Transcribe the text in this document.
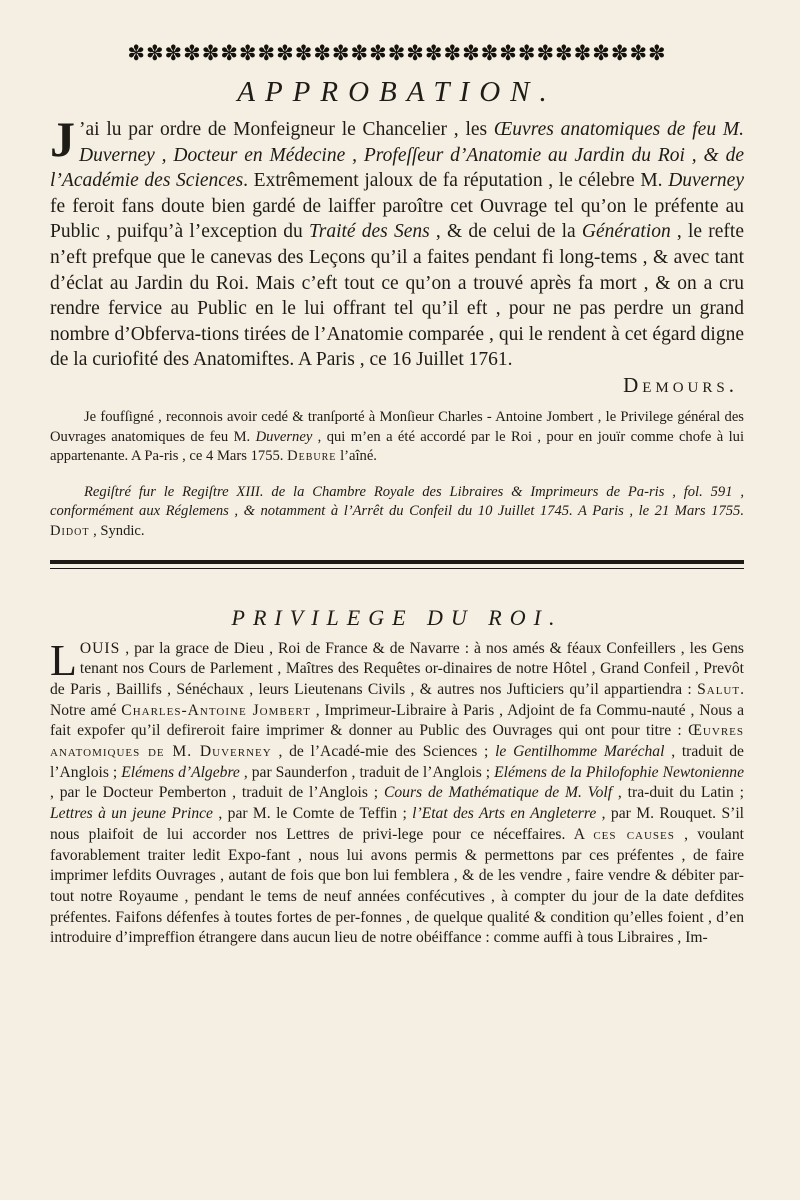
✽✽✽✽✽✽✽✽✽✽✽✽✽✽✽✽✽✽✽✽✽✽✽✽✽✽✽✽✽
APPROBATION.

J ’ai lu par ordre de Monfeigneur le Chancelier , les Œuvres anatomiques de feu M. Duverney , Docteur en Médecine , Profeſſeur d’Anatomie au Jardin du Roi , & de l’Académie des Sciences. Extrêmement jaloux de fa réputation , le célebre M. Duverney fe feroit fans doute bien gardé de laiffer paroître cet Ouvrage tel qu’on le préfente au Public , puifqu’à l’exception du Traité des Sens , & de celui de la Génération , le refte n’eft prefque que le canevas des Leçons qu’il a faites pendant fi long-tems , & avec tant d’éclat au Jardin du Roi. Mais c’eft tout ce qu’on a trouvé après fa mort , & on a cru rendre fervice au Public en le lui offrant tel qu’il eft , pour ne pas perdre un grand nombre d’Obferva-tions tirées de l’Anatomie comparée , qui le rendent à cet égard digne de la curiofité des Anatomiftes. A Paris , ce 16 Juillet 1761.

Demours.

Je foufſigné , reconnois avoir cedé & tranſporté à Monſieur Charles - Antoine Jombert , le Privilege général des Ouvrages anatomiques de feu M. Duverney , qui m’en a été accordé par le Roi , pour en jouïr comme chofe à lui appartenante. A Pa-ris , ce 4 Mars 1755. Debure l’aîné.

Regiſtré fur le Regiſtre XIII. de la Chambre Royale des Libraires & Imprimeurs de Pa-ris , fol. 591 , conformément aux Réglemens , & notamment à l’Arrêt du Confeil du 10 Juillet 1745. A Paris , le 21 Mars 1755. Didot , Syndic.

PRIVILEGE DU ROI.

LOUIS , par la grace de Dieu , Roi de France & de Navarre : à nos amés & féaux Confeillers , les Gens tenant nos Cours de Parlement , Maîtres des Requêtes or-dinaires de notre Hôtel , Grand Confeil , Prevôt de Paris , Baillifs , Sénéchaux , leurs Lieutenans Civils , & autres nos Jufticiers qu’il appartiendra : Salut. Notre amé Charles-Antoine Jombert , Imprimeur-Libraire à Paris , Adjoint de fa Commu-nauté , Nous a fait expofer qu’il defireroit faire imprimer & donner au Public des Ouvrages qui ont pour titre : Œuvres anatomiques de M. Duverney , de l’Acadé-mie des Sciences ; le Gentilhomme Maréchal , traduit de l’Anglois ; Elémens d’Algebre , par Saunderfon , traduit de l’Anglois ; Elémens de la Philofophie Newtonienne , par le Docteur Pemberton , traduit de l’Anglois ; Cours de Mathématique de M. Volf , tra-duit du Latin ; Lettres à un jeune Prince , par M. le Comte de Teffin ; l’Etat des Arts en Angleterre , par M. Rouquet. S’il nous plaifoit de lui accorder nos Lettres de privi-lege pour ce néceffaires. A ces causes , voulant favorablement traiter ledit Expo-fant , nous lui avons permis & permettons par ces préfentes , de faire imprimer lefdits Ouvrages , autant de fois que bon lui femblera , & de les vendre , faire vendre & débiter par-tout notre Royaume , pendant le tems de neuf années confécutives , à compter du jour de la date defdites préfentes. Faifons défenfes à toutes fortes de per-fonnes , de quelque qualité & condition qu’elles foient , d’en introduire d’impreffion étrangere dans aucun lieu de notre obéiffance : comme auffi à tous Libraires , Im-
